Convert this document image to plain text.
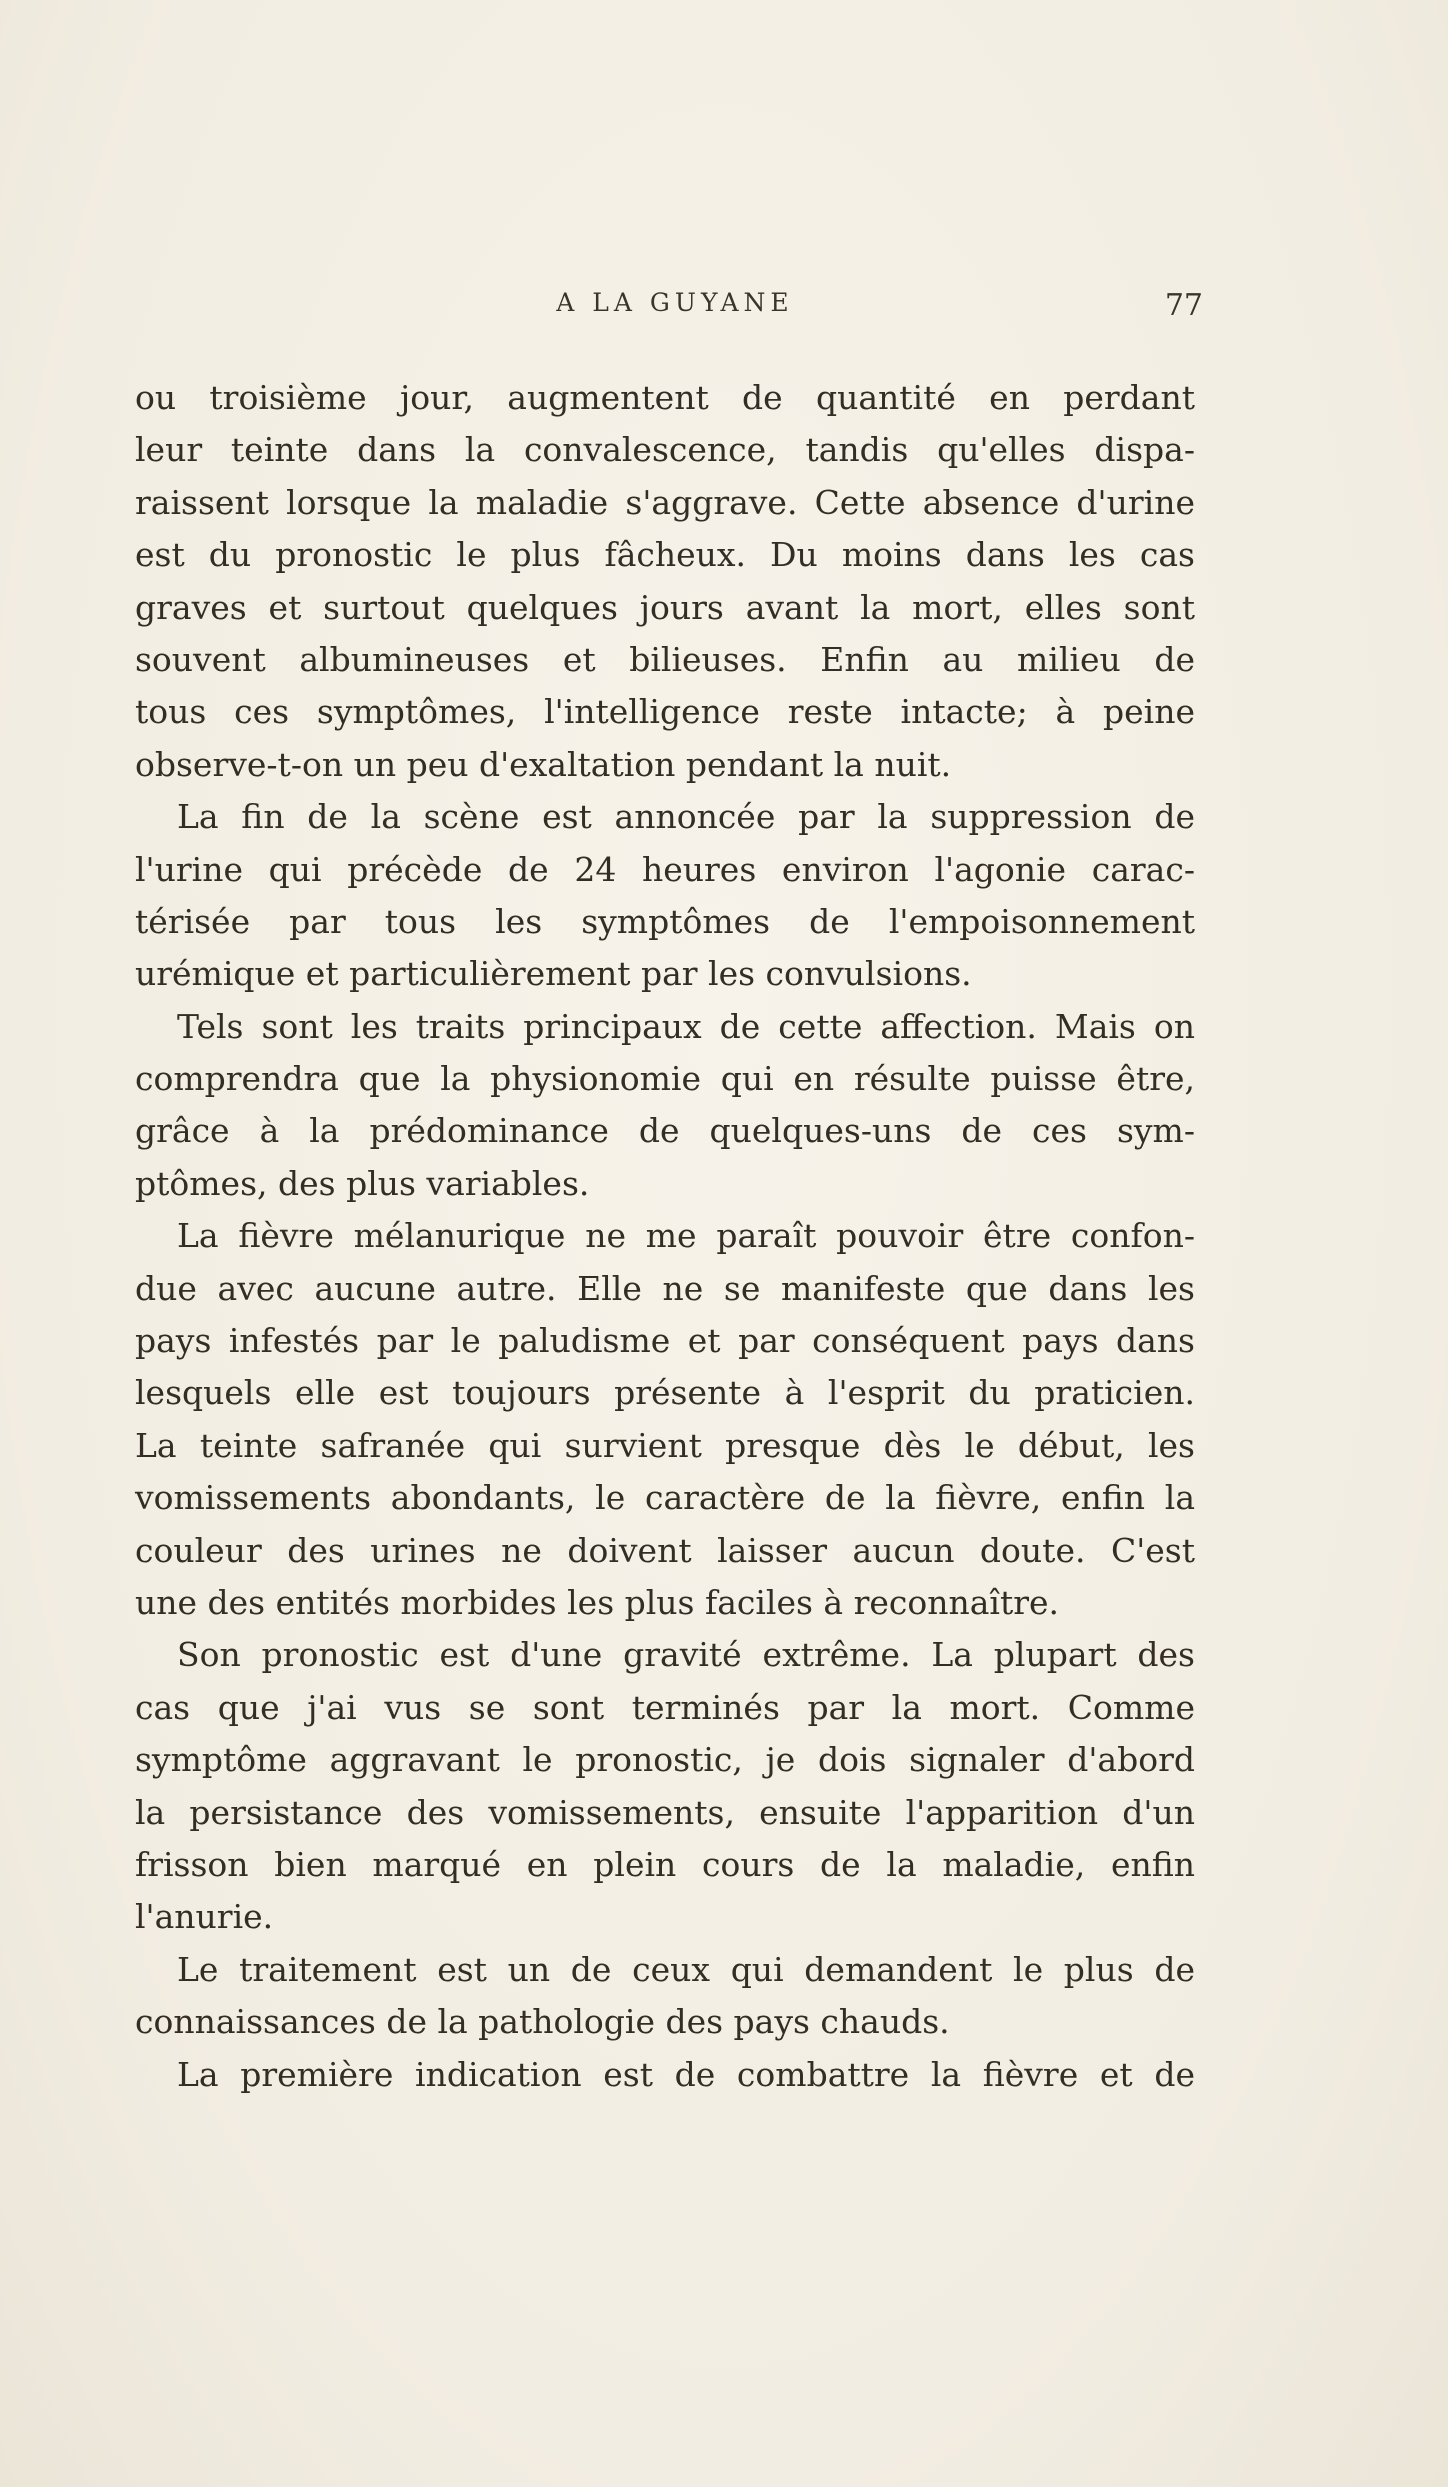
A LA GUYANE	77
ou troisième jour, augmentent de quantité en perdant
leur teinte dans la convalescence, tandis qu'elles dispa-
raissent lorsque la maladie s'aggrave. Cette absence d'urine
est du pronostic le plus fâcheux. Du moins dans les cas
graves et surtout quelques jours avant la mort, elles sont
souvent albumineuses et bilieuses. Enfin au milieu de
tous ces symptômes, l'intelligence reste intacte; à peine
observe-t-on un peu d'exaltation pendant la nuit.
La fin de la scène est annoncée par la suppression de
l'urine qui précède de 24 heures environ l'agonie carac-
térisée par tous les symptômes de l'empoisonnement
urémique et particulièrement par les convulsions.
Tels sont les traits principaux de cette affection. Mais on
comprendra que la physionomie qui en résulte puisse être,
grâce à la prédominance de quelques-uns de ces sym-
ptômes, des plus variables.
La fièvre mélanurique ne me paraît pouvoir être confon-
due avec aucune autre. Elle ne se manifeste que dans les
pays infestés par le paludisme et par conséquent pays dans
lesquels elle est toujours présente à l'esprit du praticien.
La teinte safranée qui survient presque dès le début, les
vomissements abondants, le caractère de la fièvre, enfin la
couleur des urines ne doivent laisser aucun doute. C'est
une des entités morbides les plus faciles à reconnaître.
Son pronostic est d'une gravité extrême. La plupart des
cas que j'ai vus se sont terminés par la mort. Comme
symptôme aggravant le pronostic, je dois signaler d'abord
la persistance des vomissements, ensuite l'apparition d'un
frisson bien marqué en plein cours de la maladie, enfin
l'anurie.
Le traitement est un de ceux qui demandent le plus de
connaissances de la pathologie des pays chauds.
La première indication est de combattre la fièvre et de
